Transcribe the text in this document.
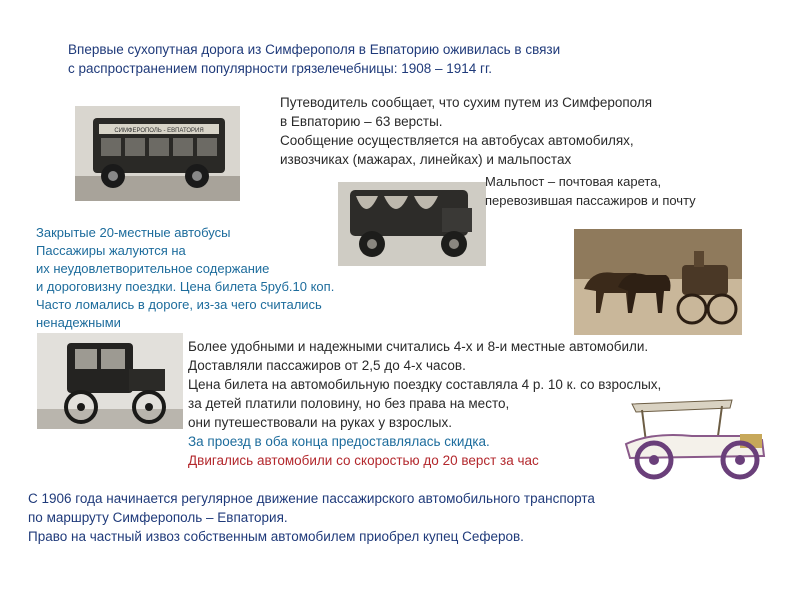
Впервые сухопутная дорога из Симферополя в Евпаторию оживилась в связи
с распространением популярности грязелечебницы: 1908 – 1914 гг.
СИМФЕРОПОЛЬ - ЕВПАТОРИЯ
Путеводитель сообщает, что сухим путем из Симферополя
в Евпаторию – 63 версты.
Сообщение осуществляется на автобусах автомобилях,
извозчиках (мажарах, линейках) и мальпостах
Мальпост – почтовая карета,
перевозившая пассажиров и почту
Закрытые 20-местные автобусы
Пассажиры жалуются на
их неудовлетворительное содержание
и дороговизну поездки. Цена билета 5руб.10 коп.
Часто ломались в дороге, из-за чего считались
ненадежными
Более удобными и надежными считались 4-х и 8-и местные автомобили.
Доставляли пассажиров от 2,5 до 4-х часов.
Цена билета на автомобильную поездку составляла 4 р. 10 к. со взрослых,
за детей платили половину, но без права на место,
они путешествовали на руках у взрослых.
За проезд в оба конца предоставлялась скидка.
Двигались автомобили со скоростью до 20 верст за час
С 1906 года начинается регулярное движение пассажирского автомобильного транспорта
по маршруту Симферополь – Евпатория.
Право на частный извоз собственным автомобилем приобрел купец Сеферов.
